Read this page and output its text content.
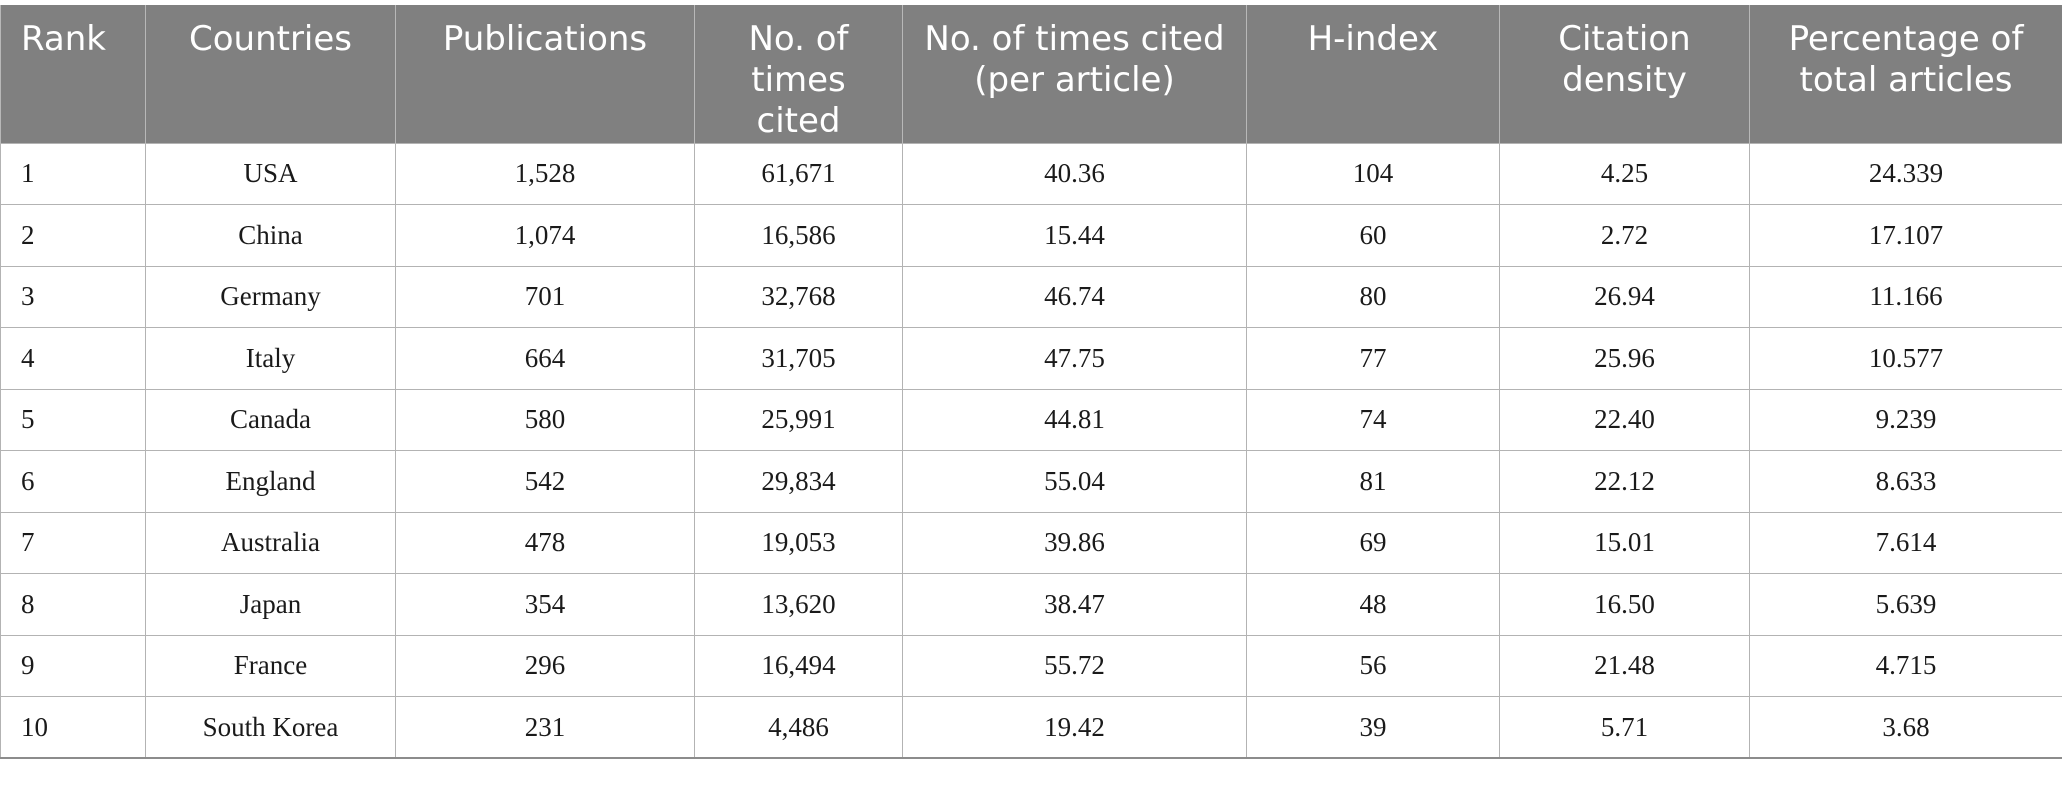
Rank	Countries	Publications	No. of times cited	No. of times cited (per article)	H-index	Citation density	Percentage of total articles
1	USA	1,528	61,671	40.36	104	4.25	24.339
2	China	1,074	16,586	15.44	60	2.72	17.107
3	Germany	701	32,768	46.74	80	26.94	11.166
4	Italy	664	31,705	47.75	77	25.96	10.577
5	Canada	580	25,991	44.81	74	22.40	9.239
6	England	542	29,834	55.04	81	22.12	8.633
7	Australia	478	19,053	39.86	69	15.01	7.614
8	Japan	354	13,620	38.47	48	16.50	5.639
9	France	296	16,494	55.72	56	21.48	4.715
10	South Korea	231	4,486	19.42	39	5.71	3.68
